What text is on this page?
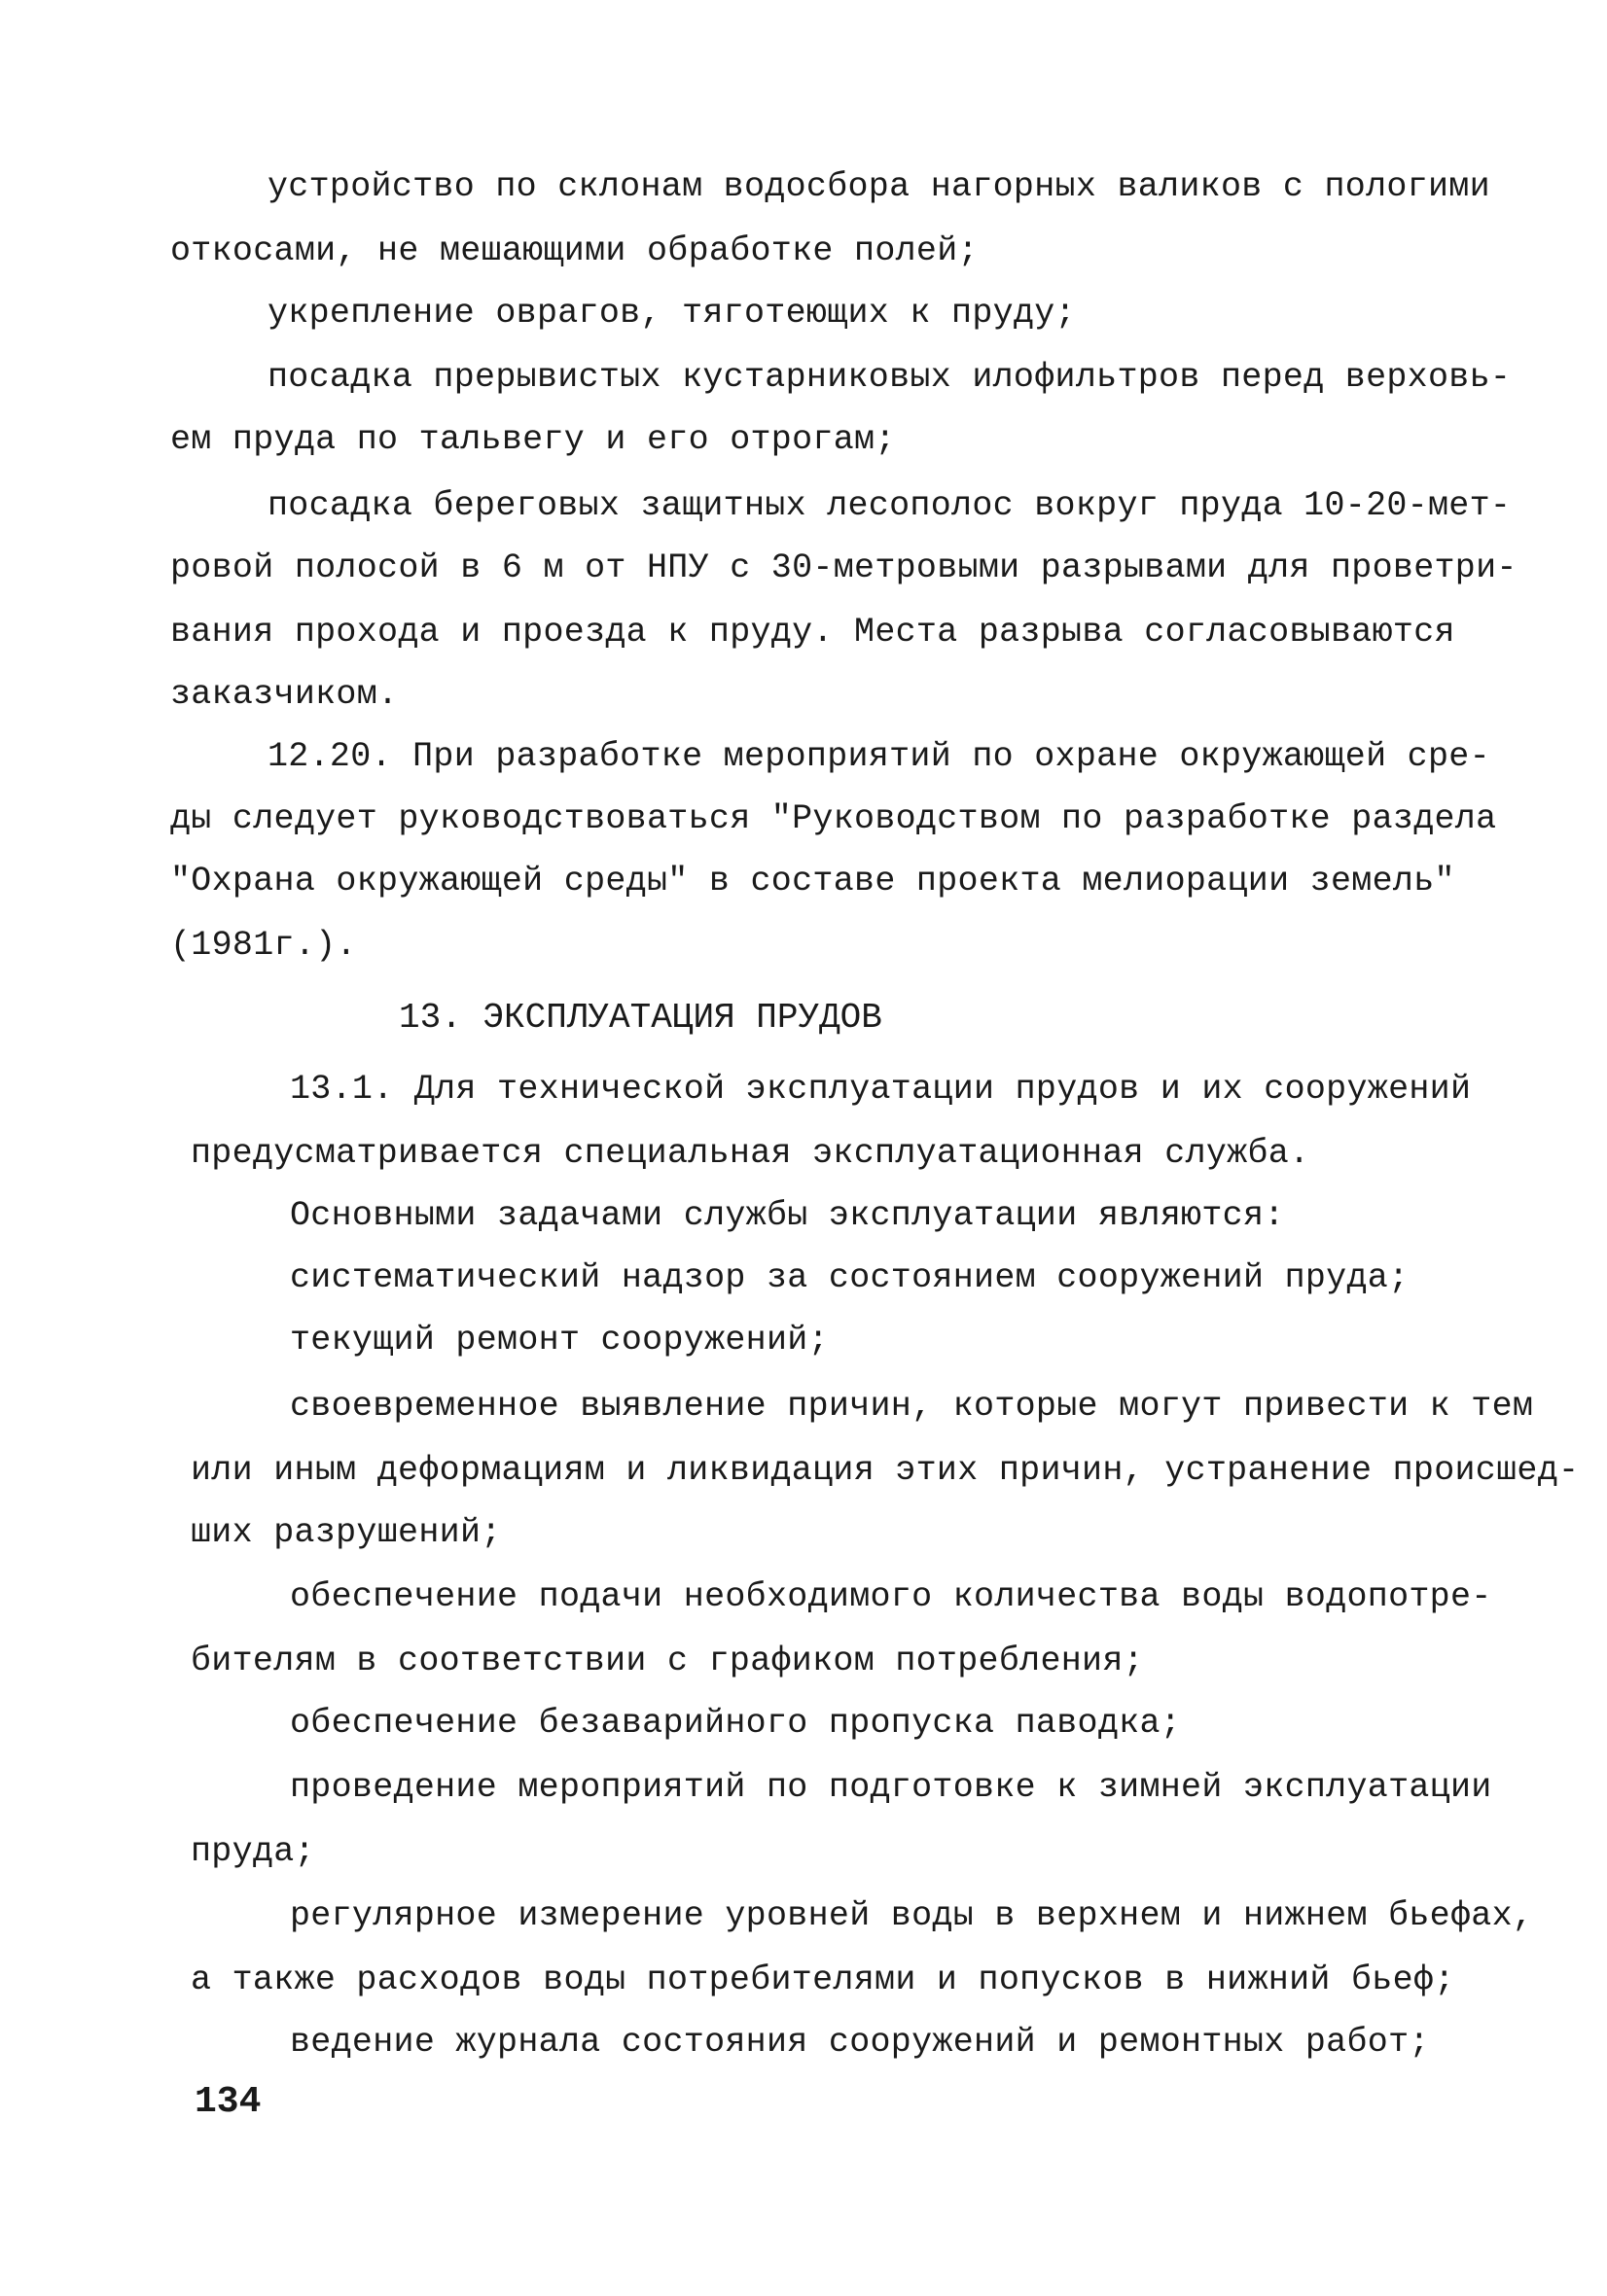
устройство по склонам водосбора нагорных валиков с пологими
откосами, не мешающими обработке полей;
укрепление оврагов, тяготеющих к пруду;
посадка прерывистых кустарниковых илофильтров перед верховь-
ем пруда по тальвегу и его отрогам;
посадка береговых защитных лесополос вокруг пруда 10-20-мет-
ровой полосой в 6 м от НПУ с 30-метровыми разрывами для проветри-
вания прохода и проезда к пруду. Места разрыва согласовываются
заказчиком.
12.20. При разработке мероприятий по охране окружающей сре-
ды следует руководствоваться "Руководством по разработке раздела
"Охрана окружающей среды" в составе проекта мелиорации земель"
(1981г.).
13. ЭКСПЛУАТАЦИЯ ПРУДОВ
13.1. Для технической эксплуатации прудов и их сооружений
предусматривается специальная эксплуатационная служба.
Основными задачами службы эксплуатации являются:
систематический надзор за состоянием сооружений пруда;
текущий ремонт сооружений;
своевременное выявление причин, которые могут привести к тем
или иным деформациям и ликвидация этих причин, устранение происшед-
ших разрушений;
обеспечение подачи необходимого количества воды водопотре-
бителям в соответствии с графиком потребления;
обеспечение безаварийного пропуска паводка;
проведение мероприятий по подготовке к зимней эксплуатации
пруда;
регулярное измерение уровней воды в верхнем и нижнем бьефах,
а также расходов воды потребителями и попусков в нижний бьеф;
ведение журнала состояния сооружений и ремонтных работ;
134
